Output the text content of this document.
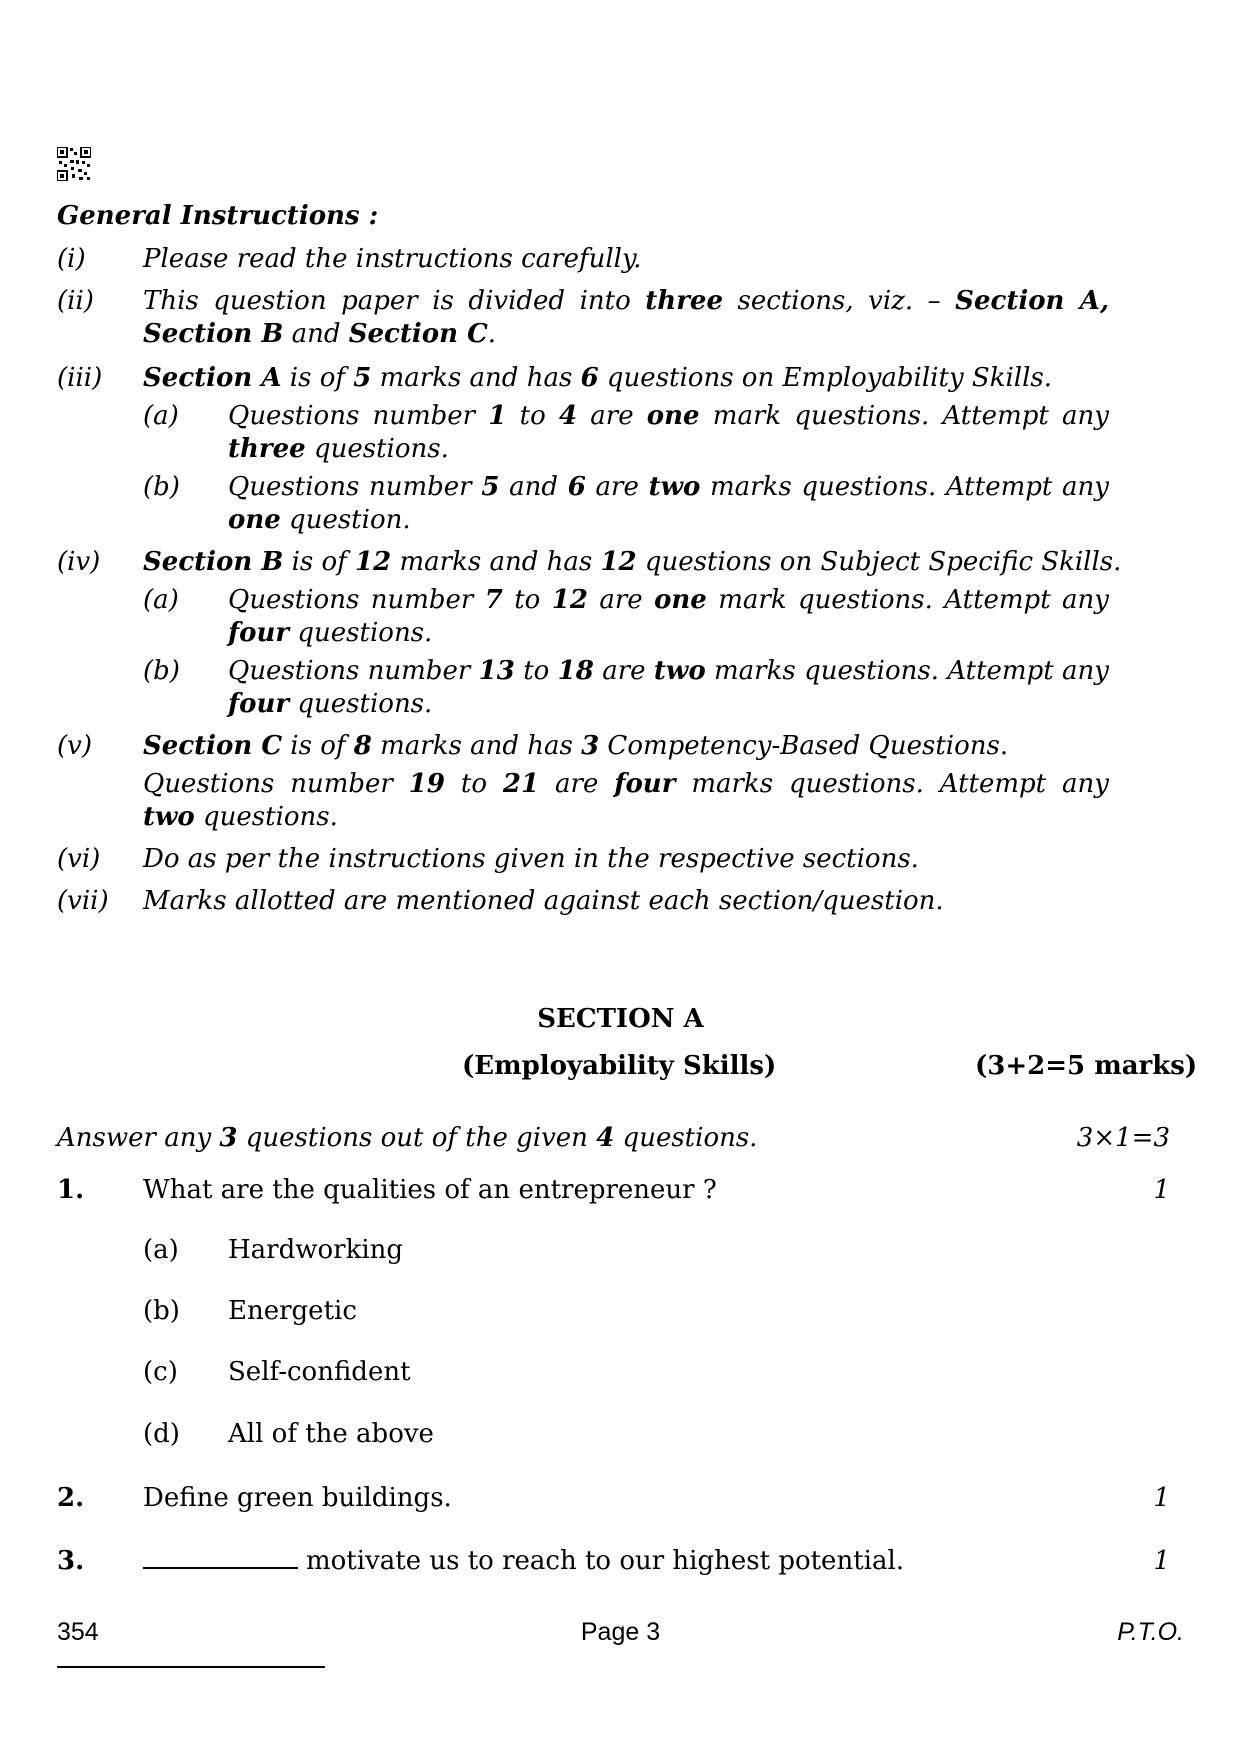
General Instructions :
(i) Please read the instructions carefully.
(ii) This question paper is divided into three sections, viz. – Section A,
Section B and Section C.
(iii) Section A is of 5 marks and has 6 questions on Employability Skills.
(a) Questions number 1 to 4 are one mark questions. Attempt any
three questions.
(b) Questions number 5 and 6 are two marks questions. Attempt any
one question.
(iv) Section B is of 12 marks and has 12 questions on Subject Specific Skills.
(a) Questions number 7 to 12 are one mark questions. Attempt any
four questions.
(b) Questions number 13 to 18 are two marks questions. Attempt any
four questions.
(v) Section C is of 8 marks and has 3 Competency-Based Questions.
Questions number 19 to 21 are four marks questions. Attempt any
two questions.
(vi) Do as per the instructions given in the respective sections.
(vii) Marks allotted are mentioned against each section/question.
SECTION A
(Employability Skills)	(3+2=5 marks)
Answer any 3 questions out of the given 4 questions.	3×1=3
1. What are the qualities of an entrepreneur ?	1
(a) Hardworking
(b) Energetic
(c) Self-confident
(d) All of the above
2. Define green buildings.	1
3.	motivate us to reach to our highest potential.	1
354	Page 3	P.T.O.
